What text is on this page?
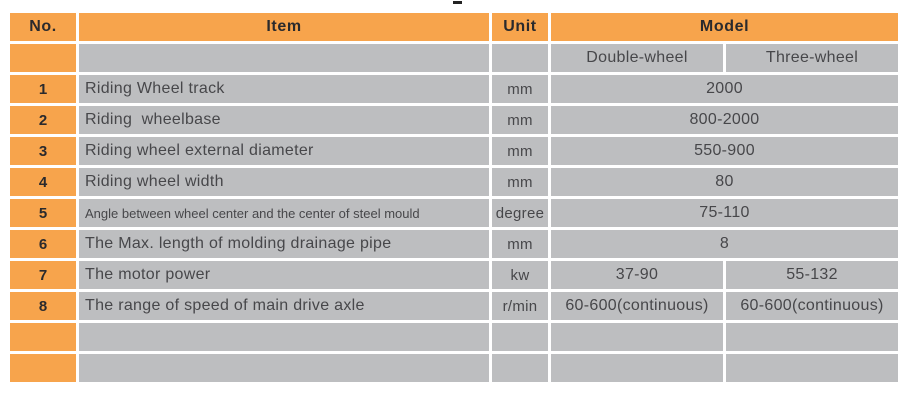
No.	Item	Unit	Model	
			Double-wheel	Three-wheel
1	Riding Wheel track	mm	2000	
2	Riding  wheelbase	mm	800-2000	
3	Riding wheel external diameter	mm	550-900	
4	Riding wheel width	mm	80	
5	Angle between wheel center and the center of steel mould	degree	75-110	
6	The Max. length of molding drainage pipe	mm	8	
7	The motor power	kw	37-90	55-132
8	The range of speed of main drive axle	r/min	60-600(continuous)	60-600(continuous)
